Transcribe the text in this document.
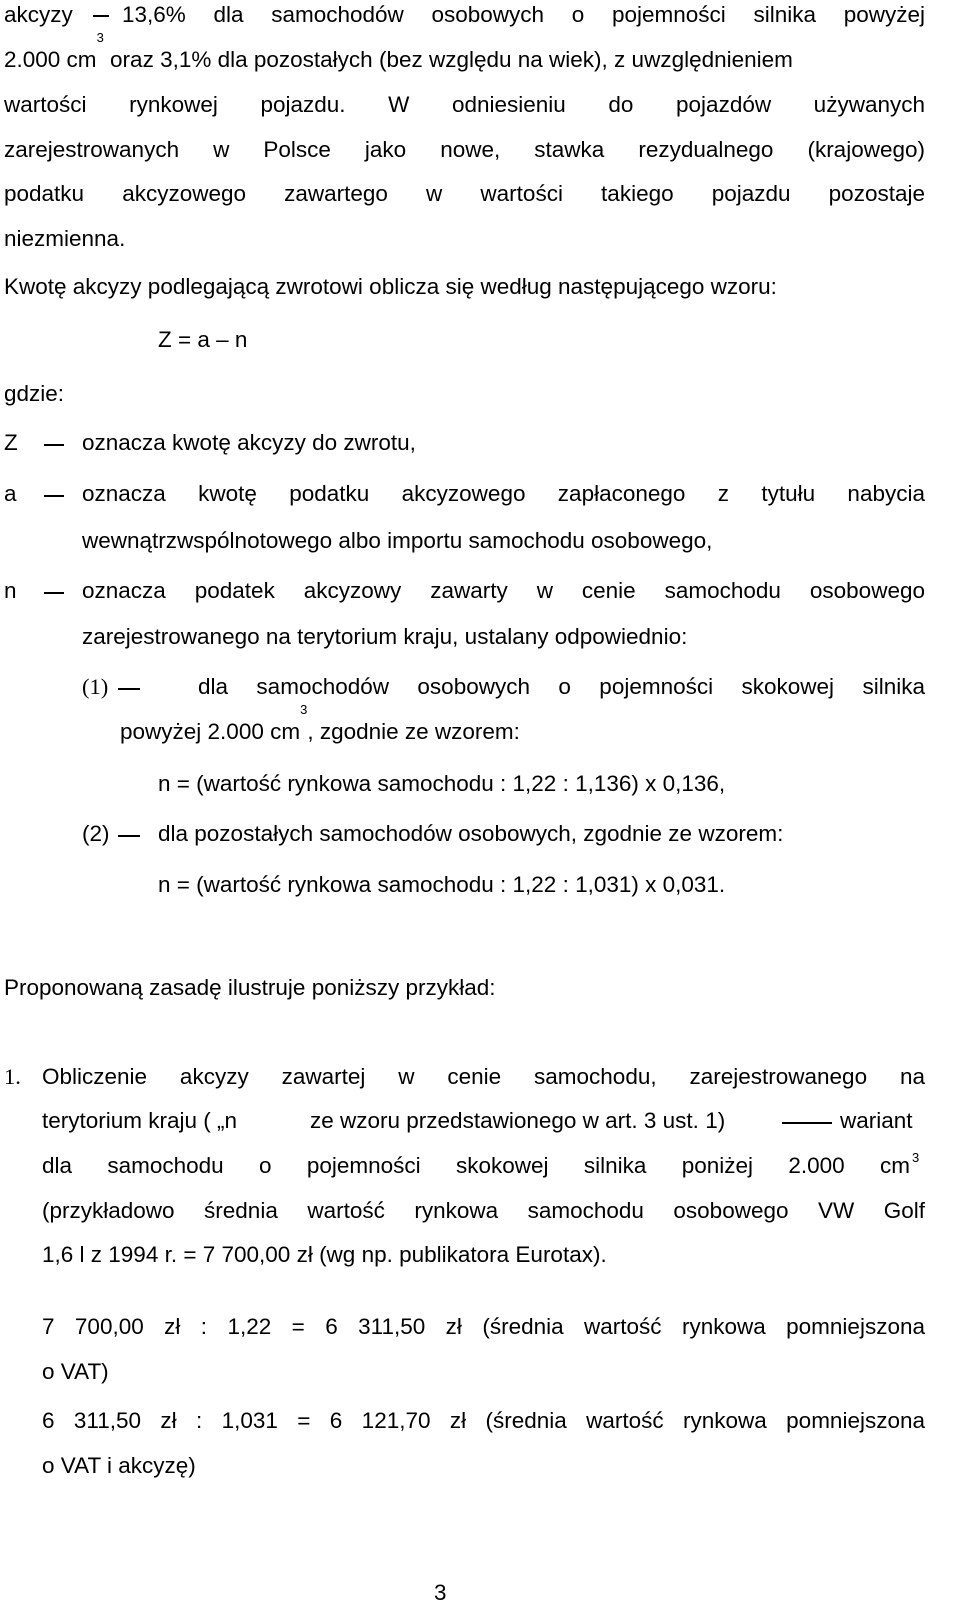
akcyzy 13,6% dla samochodów osobowych o pojemności silnika powyżej
2.000 $cm^3$ oraz 3,1% dla pozostałych (bez względu na wiek), z uwzględnieniem
wartości rynkowej pojazdu. W odniesieniu do pojazdów używanych
zarejestrowanych w Polsce jako nowe, stawka rezydualnego (krajowego)
podatku akcyzowego zawartego w wartości takiego pojazdu pozostaje
niezmienna.
Kwotę akcyzy podlegającą zwrotowi oblicza się według następującego wzoru:
Z = a – n
gdzie:
Z	oznacza kwotę akcyzy do zwrotu,
a	oznacza kwotę podatku akcyzowego zapłaconego z tytułu nabycia
wewnątrzwspólnotowego albo importu samochodu osobowego,
n	oznacza podatek akcyzowy zawarty w cenie samochodu osobowego
zarejestrowanego na terytorium kraju, ustalany odpowiednio:
(1)	dla samochodów osobowych o pojemności skokowej silnika
powyżej 2.000 $cm^3$, zgodnie ze wzorem:
n = (wartość rynkowa samochodu : 1,22 : 1,136) x 0,136,
(2) dla pozostałych samochodów osobowych, zgodnie ze wzorem:
n = (wartość rynkowa samochodu : 1,22 : 1,031) x 0,031.
Proponowaną zasadę ilustruje poniższy przykład:
1. Obliczenie akcyzy zawartej w cenie samochodu, zarejestrowanego na
terytorium kraju ( „n	ze wzoru przedstawionego w art. 3 ust. 1)	wariant
dla samochodu o pojemności skokowej silnika poniżej 2.000 cm 3
(przykładowo średnia wartość rynkowa samochodu osobowego VW Golf
1,6 l z 1994 r. = 7 700,00 zł (wg np. publikatora Eurotax).
7 700,00 zł : 1,22 = 6 311,50 zł (średnia wartość rynkowa pomniejszona
o VAT)
6 311,50 zł : 1,031 = 6 121,70 zł (średnia wartość rynkowa pomniejszona
o VAT i akcyzę)
3
